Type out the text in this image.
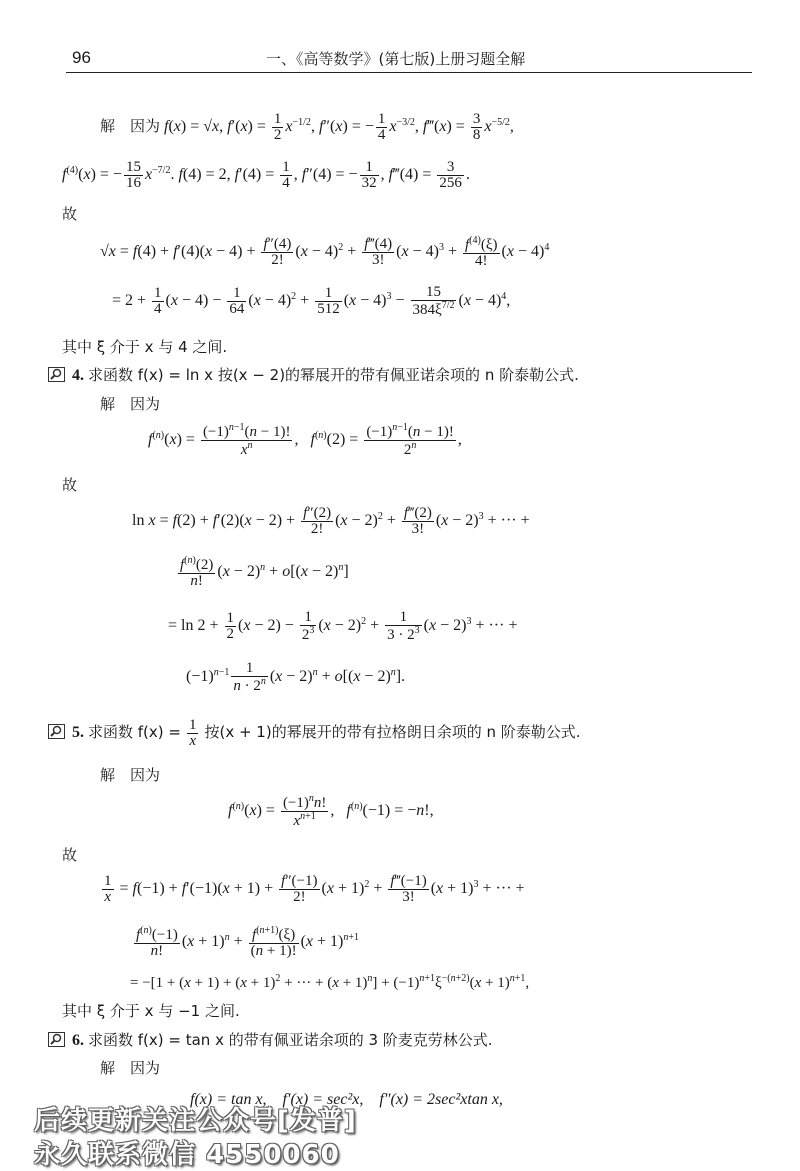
96	一、《高等数学》(第七版)上册习题全解
解　因为 f(x) = √x, $f'(x) = \frac{1}{2} x^{-1/2}$, f″(x) = − $\frac{1}{4} x^{-3/2}$, f‴(x) = $\frac{3}{8} x^{-5/2}$,
$f^{(4)}(x)$ = − $\frac{15}{16} x^{-7/2}$. f(4) = 2, $f'(4) = \frac{1}{4}$ , f″(4) = − $\frac{1}{32}$ , f‴(4) = $\frac{3}{256}$ .
故
$√x = f(4) + f'(4)(x - 4) + \frac{f''(4)}{2!} (x - 4)^2 + \frac{f‴(4)}{3!} (x - 4)^3 + \frac{f^{(4)}(\xi)}{4!} (x - 4)^4$
= $2 + \frac{1}{4} (x - 4) - \frac{1}{64} (x - 4)^2 + \frac{1}{512} (x - 4)^3 - \frac{15}{384\xi^{7/2}} (x - 4)^4$,
其中 ξ 介于 x 与 4 之间.
4. 求函数 f(x) = ln x 按(x − 2)的幂展开的带有佩亚诺余项的 n 阶泰勒公式.
解　因为
$f^{(n)}(x) = \frac{(-1)^{n-1}(n - 1)!}{x^n}$ ,   $f^{(n)}(2) = \frac{(-1)^{n-1}(n - 1)!}{2^n}$ ,
故
$\ln x = f(2) + f'(2)(x - 2) + \frac{f''(2)}{2!} (x - 2)^2 + \frac{f‴(2)}{3!} (x - 2)^3$ + ··· +
$\frac{f^{(n)}(2)}{n!} (x - 2)^n + o[(x - 2)^n]$
= $\ln 2 + \frac{1}{2} (x - 2) - \frac{1}{2^3} (x - 2)^2 + \frac{1}{3 \cdot 2^3} (x - 2)^3$ + ··· +
$(-1)^{n-1} \frac{1}{n \cdot 2^n} (x - 2)^n + o[(x - 2)^n]$.
5. 求函数 $f(x) = \frac{1}{x}$ 按(x + 1)的幂展开的带有拉格朗日余项的 n 阶泰勒公式.
解　因为
$f^{(n)}(x) = \frac{(-1)^nn!}{x^{n+1}}$ ,   $f^{(n)}(-1) = -n$!,
故
$\frac{1}{x} = f(-1) + f'(-1)(x + 1) + \frac{f''(-1)}{2!} (x + 1)^2 + \frac{f‴(-1)}{3!} (x + 1)^3$ + ··· +
$\frac{f^{(n)}(-1)}{n!} (x + 1)^n + \frac{f^{(n+1)}(\xi)}{(n + 1)!} (x + 1)^{n+1}$
= $-[1 + (x + 1) + (x + 1)^2$ + ··· + $(x + 1)^n] + (-1)^{n+1}\xi^{-(n+2)}(x + 1)^{n+1}$,
其中 ξ 介于 x 与 −1 之间.
6. 求函数 f(x) = tan x 的带有佩亚诺余项的 3 阶麦克劳林公式.
解　因为
f(x) = tan x,　f′(x) = sec²x,　f″(x) = 2sec²xtan x,
后续更新关注公众号[发普]
永久联系微信 4550060
